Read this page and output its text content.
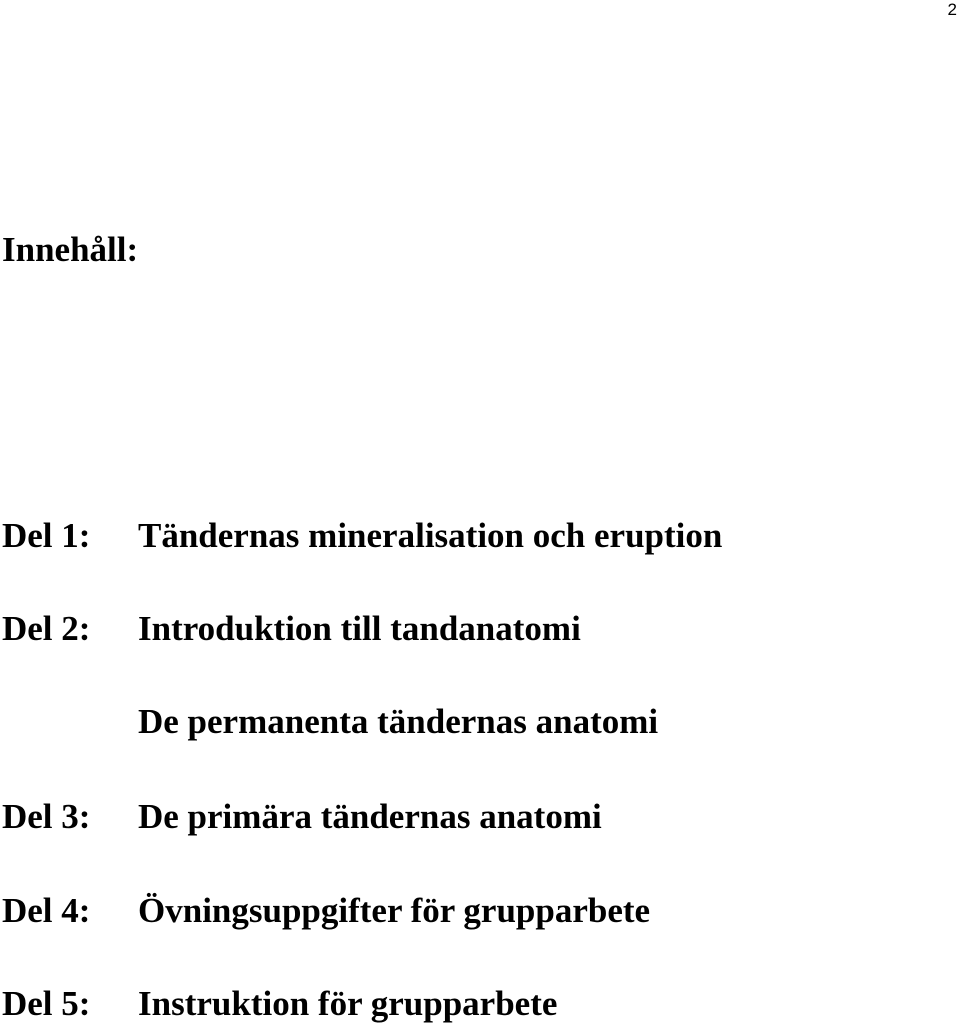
2
Innehåll:
Del 1: Tändernas mineralisation och eruption
Del 2: Introduktion till tandanatomi
De permanenta tändernas anatomi
Del 3: De primära tändernas anatomi
Del 4: Övningsuppgifter för grupparbete
Del 5: Instruktion för grupparbete
